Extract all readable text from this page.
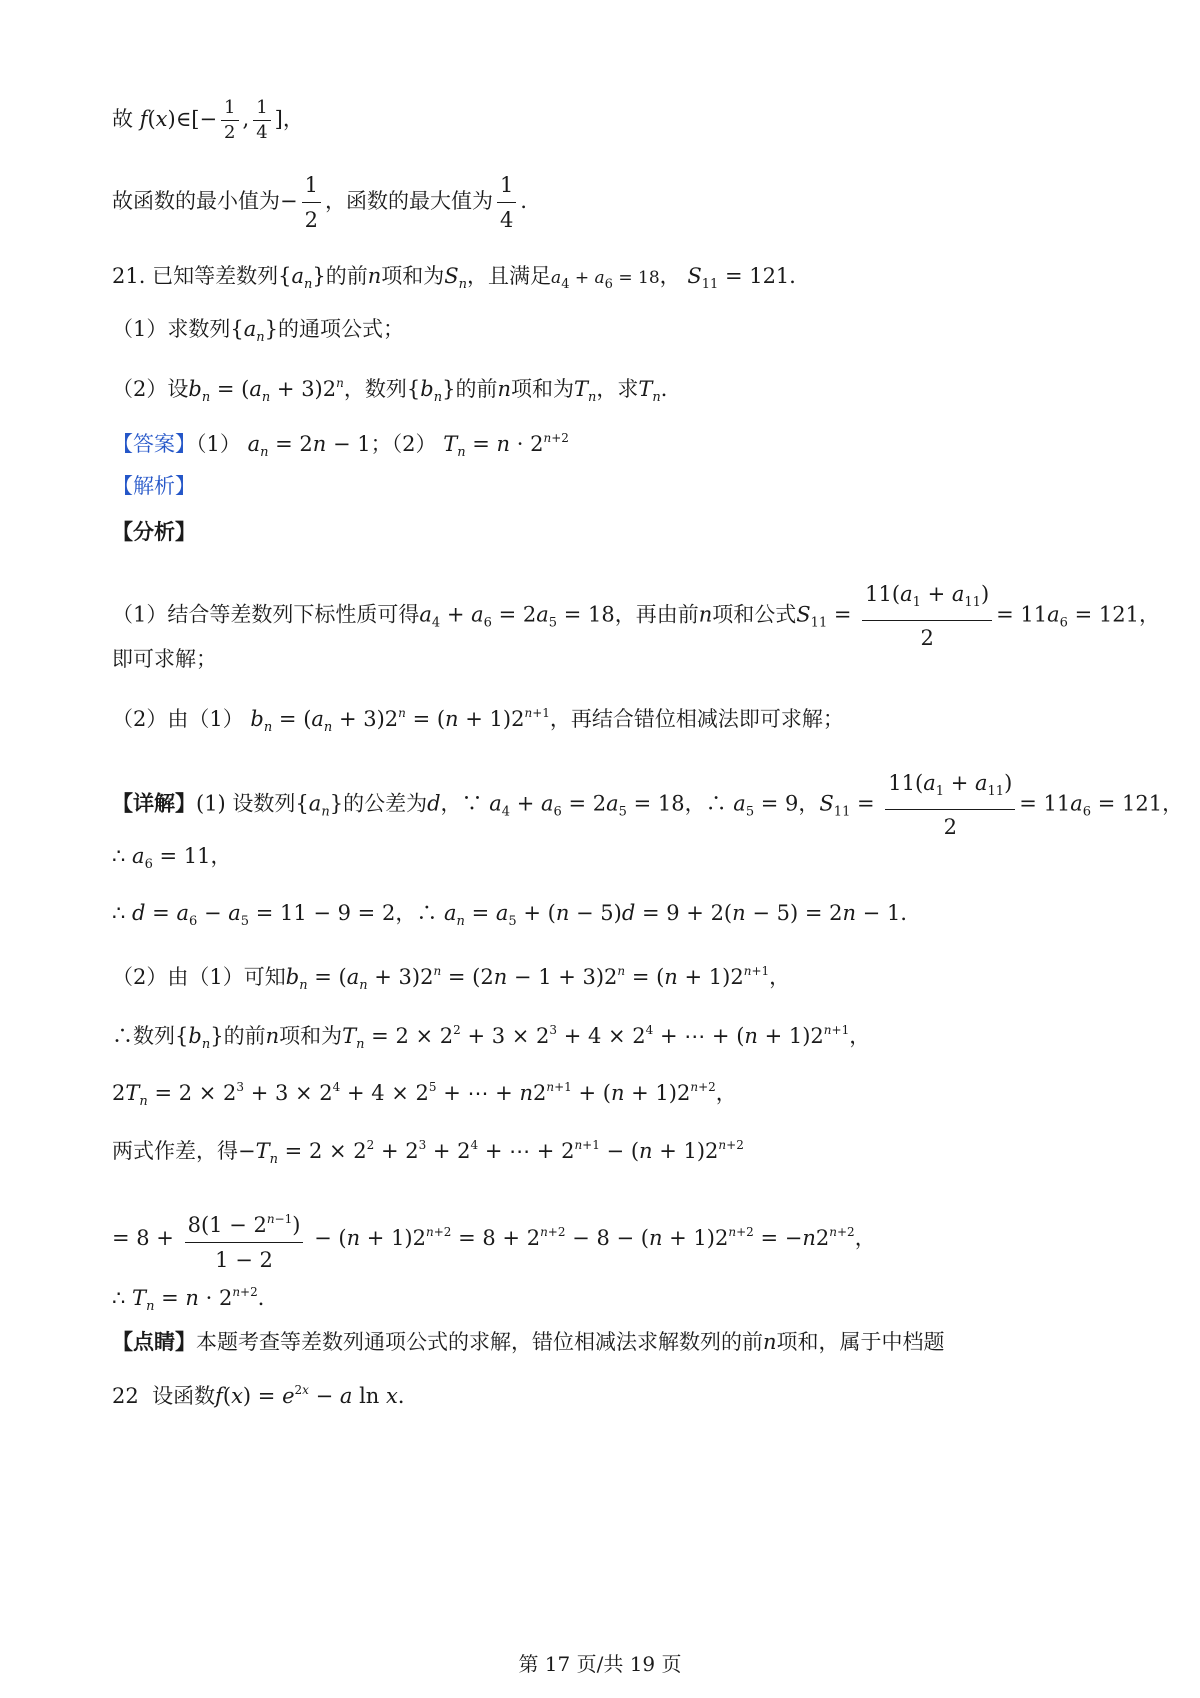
故 f(x)∈[− $\frac{1}{2}$ , $\frac{1}{4}$ ]，
故函数的最小值为− $\frac{1}{2}$ ，函数的最大值为 $\frac{1}{4}$ ．
21. 已知等差数列$\{a_n\}$的前n项和为$S_n$，且满足$a_4 + a_6 = 18$， $S_{11} = 121$．
（1）求数列$\{a_n\}$的通项公式；
（2）设$b_n = (a_n + 3)2^n$，数列$\{b_n\}$的前n项和为$T_n$，求$T_n$．
【答案】（1） $a_n = 2n - 1$；（2） $T_n = n \cdot 2^{n+2}$
【解析】
【分析】
（1）结合等差数列下标性质可得$a_4 + a_6 = 2a_5 = 18$，再由前n项和公式$S_{11} = \frac{11(a_1 + a_{11})}{2} = 11a_6 = 121$，
即可求解；
（2）由（1） $b_n = (a_n + 3)2^n = (n + 1)2^{n+1}$，再结合错位相减法即可求解；
【详解】(1) 设数列$\{a_n\}$的公差为d，∵ $a_4 + a_6 = 2a_5 = 18$，∴ $a_5 = 9$，$S_{11} = \frac{11(a_1 + a_{11})}{2} = 11a_6 = 121$，
∴ $a_6 = 11$，
∴ $d = a_6 - a_5 = 11 - 9 = 2$，∴ $a_n = a_5 + (n - 5)d = 9 + 2(n - 5) = 2n - 1$．
（2）由（1）可知$b_n = (a_n + 3)2^n = (2n - 1 + 3)2^n = (n + 1)2^{n+1}$，
∴数列$\{b_n\}$的前n项和为$T_n = 2 \times 2^2 + 3 \times 2^3 + 4 \times 2^4$ + ⋯ + $(n + 1)2^{n+1}$，
$2T_n = 2 \times 2^3 + 3 \times 2^4 + 4 \times 2^5$ + ⋯ + $n2^{n+1} + (n + 1)2^{n+2}$，
两式作差，得$-T_n = 2 \times 2^2 + 2^3 + 2^4$ + ⋯ + $2^{n+1} - (n + 1)2^{n+2}$
= $8 + \frac{8(1 - 2^{n-1})}{1 - 2} - (n + 1)2^{n+2} = 8 + 2^{n+2} - 8 - (n + 1)2^{n+2} = -n2^{n+2}$，
∴ $T_n = n \cdot 2^{n+2}$．
【点睛】本题考查等差数列通项公式的求解，错位相减法求解数列的前n项和，属于中档题
22 设函数$f(x) = e^{2x} - a$ ln x．
第 17 页/共 19 页
